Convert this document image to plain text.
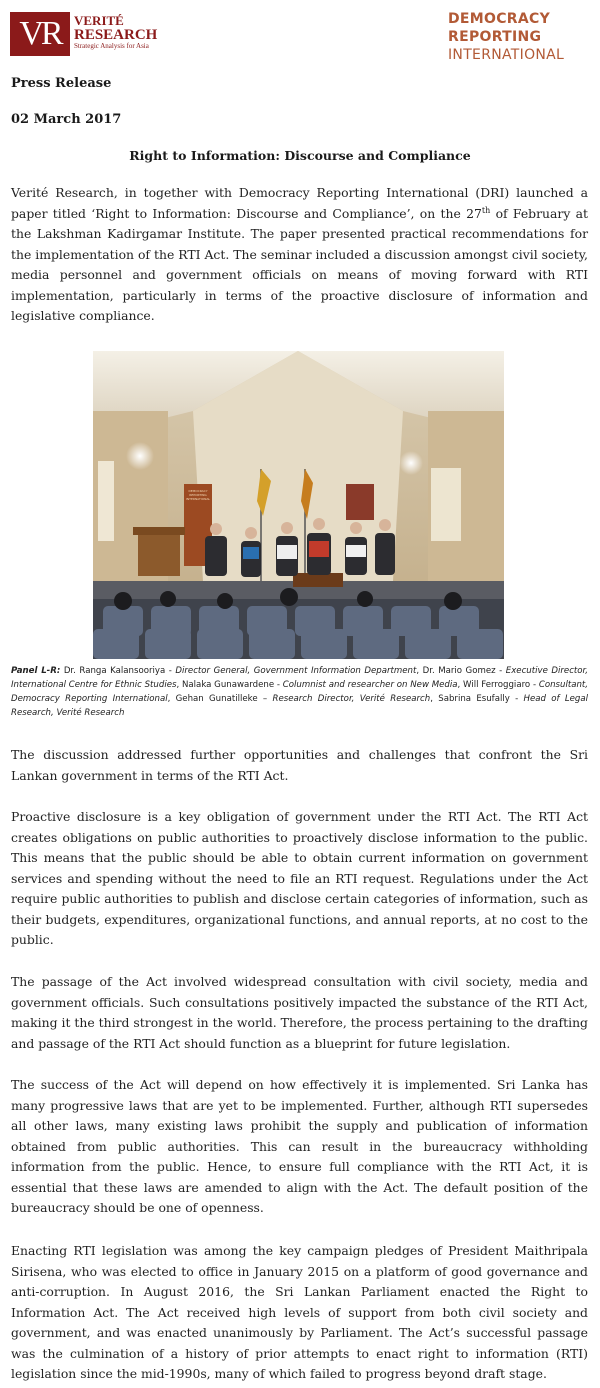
VR	VERITÉ
RESEARCH
Strategic Analysis for Asia
DEMOCRACY
REPORTING
INTERNATIONAL
Press Release
02 March 2017
Right to Information: Discourse and Compliance

Verité Research, in together with Democracy Reporting International (DRI) launched a paper titled ‘Right to Information: Discourse and Compliance’, on the 27th of February at the Lakshman Kadirgamar Institute. The paper presented practical recommendations for the implementation of the RTI Act. The seminar included a discussion amongst civil society, media personnel and government officials on means of moving forward with RTI implementation, particularly in terms of the proactive disclosure of information and legislative compliance.

DEMOCRACY REPORTING INTERNATIONAL

Panel L-R: Dr. Ranga Kalansooriya - Director General, Government Information Department, Dr. Mario Gomez - Executive Director, International Centre for Ethnic Studies, Nalaka Gunawardene - Columnist and researcher on New Media, Will Ferroggiaro - Consultant, Democracy Reporting International, Gehan Gunatilleke – Research Director, Verité Research, Sabrina Esufally - Head of Legal Research, Verité Research

The discussion addressed further opportunities and challenges that confront the Sri Lankan government in terms of the RTI Act.

Proactive disclosure is a key obligation of government under the RTI Act. The RTI Act creates obligations on public authorities to proactively disclose information to the public. This means that the public should be able to obtain current information on government services and spending without the need to file an RTI request. Regulations under the Act require public authorities to publish and disclose certain categories of information, such as their budgets, expenditures, organizational functions, and annual reports, at no cost to the public.

The passage of the Act involved widespread consultation with civil society, media and government officials. Such consultations positively impacted the substance of the RTI Act, making it the third strongest in the world. Therefore, the process pertaining to the drafting and passage of the RTI Act should function as a blueprint for future legislation.

The success of the Act will depend on how effectively it is implemented. Sri Lanka has many progressive laws that are yet to be implemented. Further, although RTI supersedes all other laws, many existing laws prohibit the supply and publication of information obtained from public authorities. This can result in the bureaucracy withholding information from the public. Hence, to ensure full compliance with the RTI Act, it is essential that these laws are amended to align with the Act. The default position of the bureaucracy should be one of openness.

Enacting RTI legislation was among the key campaign pledges of President Maithripala Sirisena, who was elected to office in January 2015 on a platform of good governance and anti-corruption. In August 2016, the Sri Lankan Parliament enacted the Right to Information Act. The Act received high levels of support from both civil society and government, and was enacted unanimously by Parliament. The Act’s successful passage was the culmination of a history of prior attempts to enact right to information (RTI) legislation since the mid-1990s, many of which failed to progress beyond draft stage.
